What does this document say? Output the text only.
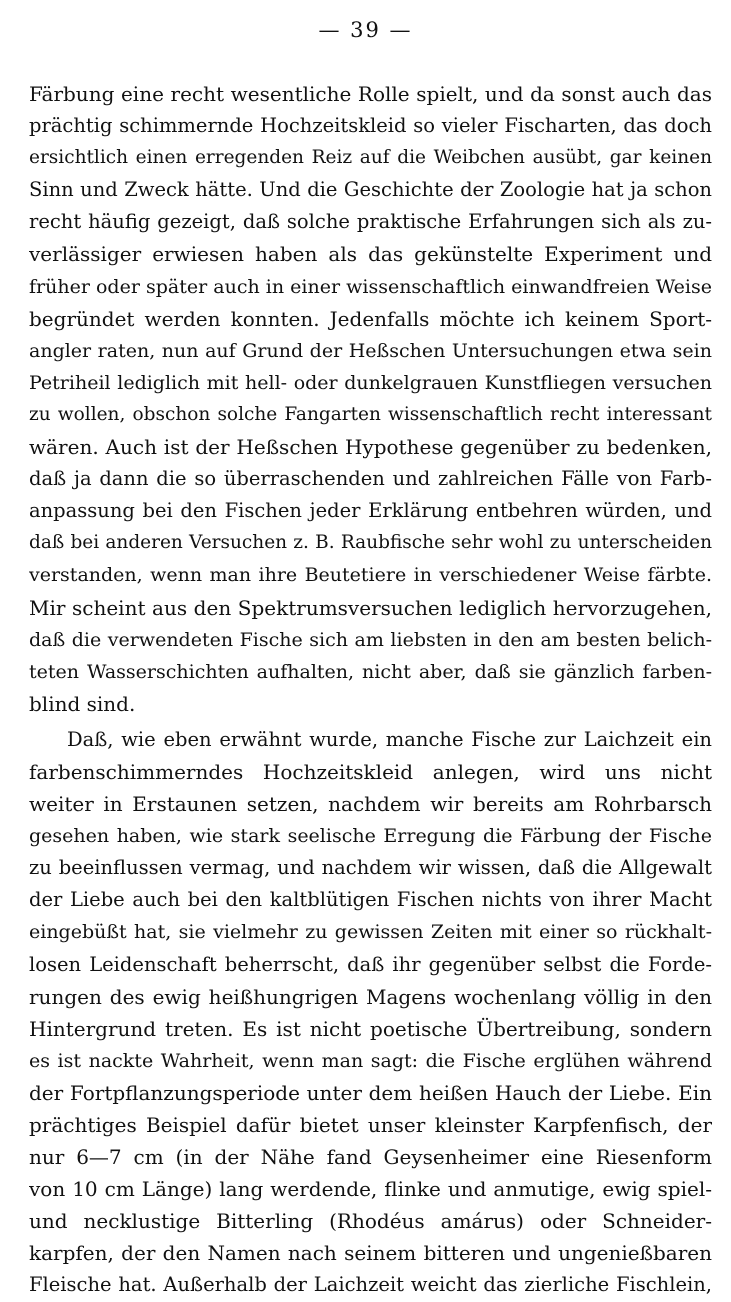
— 39 —
Färbung eine recht wesentliche Rolle spielt, und da sonst auch das
prächtig schimmernde Hochzeitskleid so vieler Fischarten, das doch
ersichtlich einen erregenden Reiz auf die Weibchen ausübt, gar keinen
Sinn und Zweck hätte. Und die Geschichte der Zoologie hat ja schon
recht häufig gezeigt, daß solche praktische Erfahrungen sich als zu-
verlässiger erwiesen haben als das gekünstelte Experiment und
früher oder später auch in einer wissenschaftlich einwandfreien Weise
begründet werden konnten. Jedenfalls möchte ich keinem Sport-
angler raten, nun auf Grund der Heßschen Untersuchungen etwa sein
Petriheil lediglich mit hell- oder dunkelgrauen Kunstfliegen versuchen
zu wollen, obschon solche Fangarten wissenschaftlich recht interessant
wären. Auch ist der Heßschen Hypothese gegenüber zu bedenken,
daß ja dann die so überraschenden und zahlreichen Fälle von Farb-
anpassung bei den Fischen jeder Erklärung entbehren würden, und
daß bei anderen Versuchen z. B. Raubfische sehr wohl zu unterscheiden
verstanden, wenn man ihre Beutetiere in verschiedener Weise färbte.
Mir scheint aus den Spektrumsversuchen lediglich hervorzugehen,
daß die verwendeten Fische sich am liebsten in den am besten belich-
teten Wasserschichten aufhalten, nicht aber, daß sie gänzlich farben-
blind sind.
Daß, wie eben erwähnt wurde, manche Fische zur Laichzeit ein
farbenschimmerndes Hochzeitskleid anlegen, wird uns nicht
weiter in Erstaunen setzen, nachdem wir bereits am Rohrbarsch
gesehen haben, wie stark seelische Erregung die Färbung der Fische
zu beeinflussen vermag, und nachdem wir wissen, daß die Allgewalt
der Liebe auch bei den kaltblütigen Fischen nichts von ihrer Macht
eingebüßt hat, sie vielmehr zu gewissen Zeiten mit einer so rückhalt-
losen Leidenschaft beherrscht, daß ihr gegenüber selbst die Forde-
rungen des ewig heißhungrigen Magens wochenlang völlig in den
Hintergrund treten. Es ist nicht poetische Übertreibung, sondern
es ist nackte Wahrheit, wenn man sagt: die Fische erglühen während
der Fortpflanzungsperiode unter dem heißen Hauch der Liebe. Ein
prächtiges Beispiel dafür bietet unser kleinster Karpfenfisch, der
nur 6—7 cm (in der Nähe fand Geysenheimer eine Riesenform
von 10 cm Länge) lang werdende, flinke und anmutige, ewig spiel-
und necklustige Bitterling (Rhodéus amárus) oder Schneider-
karpfen, der den Namen nach seinem bitteren und ungenießbaren
Fleische hat. Außerhalb der Laichzeit weicht das zierliche Fischlein,
